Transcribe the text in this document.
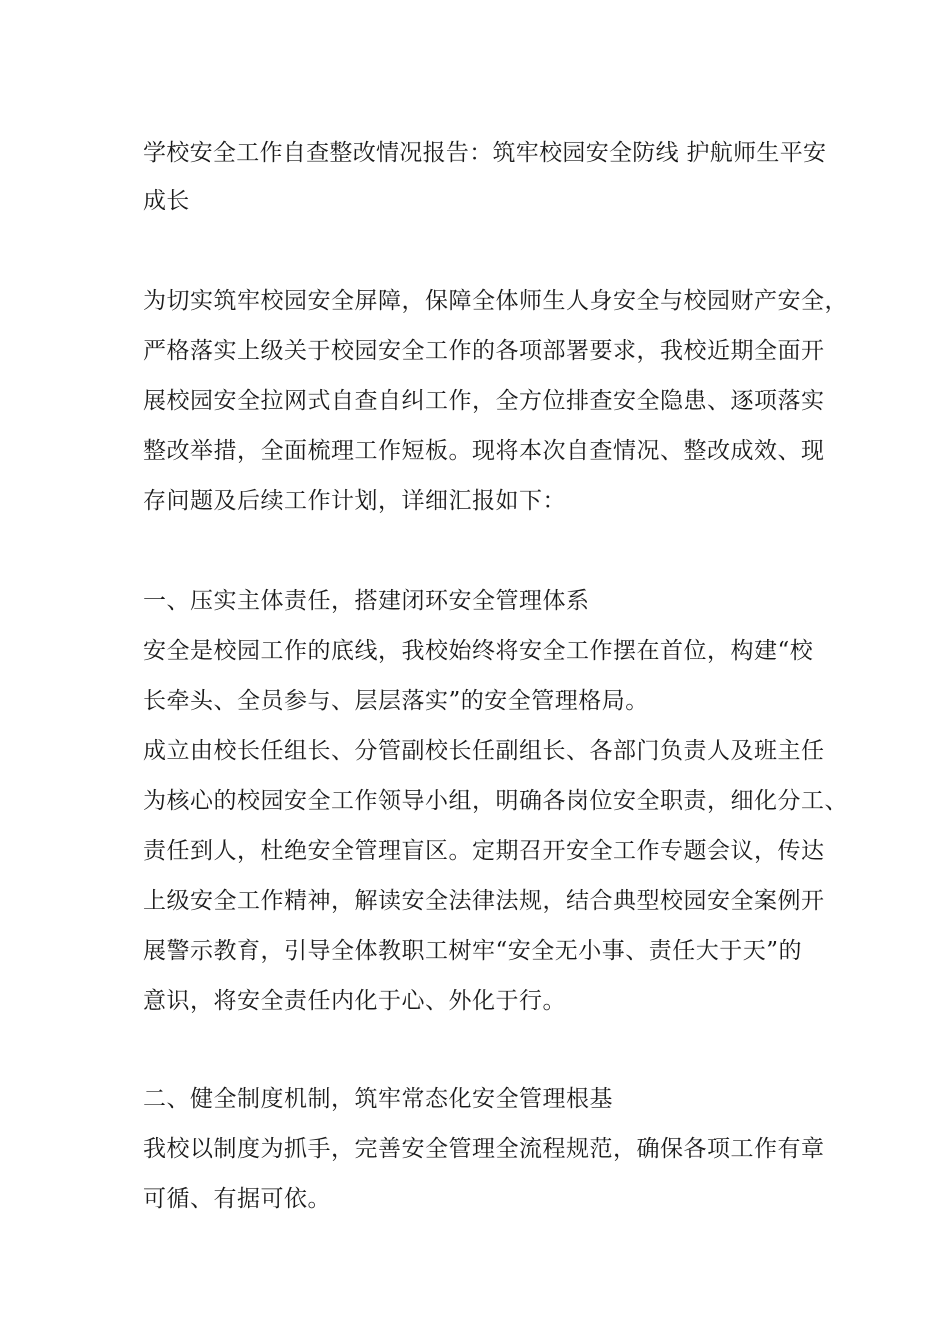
学校安全工作自查整改情况报告：筑牢校园安全防线 护航师生平安
成长
为切实筑牢校园安全屏障，保障全体师生人身安全与校园财产安全，
严格落实上级关于校园安全工作的各项部署要求，我校近期全面开
展校园安全拉网式自查自纠工作，全方位排查安全隐患、逐项落实
整改举措，全面梳理工作短板。现将本次自查情况、整改成效、现
存问题及后续工作计划，详细汇报如下：
一、压实主体责任，搭建闭环安全管理体系
安全是校园工作的底线，我校始终将安全工作摆在首位，构建“校
长牵头、全员参与、层层落实”的安全管理格局。
成立由校长任组长、分管副校长任副组长、各部门负责人及班主任
为核心的校园安全工作领导小组，明确各岗位安全职责，细化分工、
责任到人，杜绝安全管理盲区。定期召开安全工作专题会议，传达
上级安全工作精神，解读安全法律法规，结合典型校园安全案例开
展警示教育，引导全体教职工树牢“安全无小事、责任大于天”的
意识，将安全责任内化于心、外化于行。
二、健全制度机制，筑牢常态化安全管理根基
我校以制度为抓手，完善安全管理全流程规范，确保各项工作有章
可循、有据可依。
